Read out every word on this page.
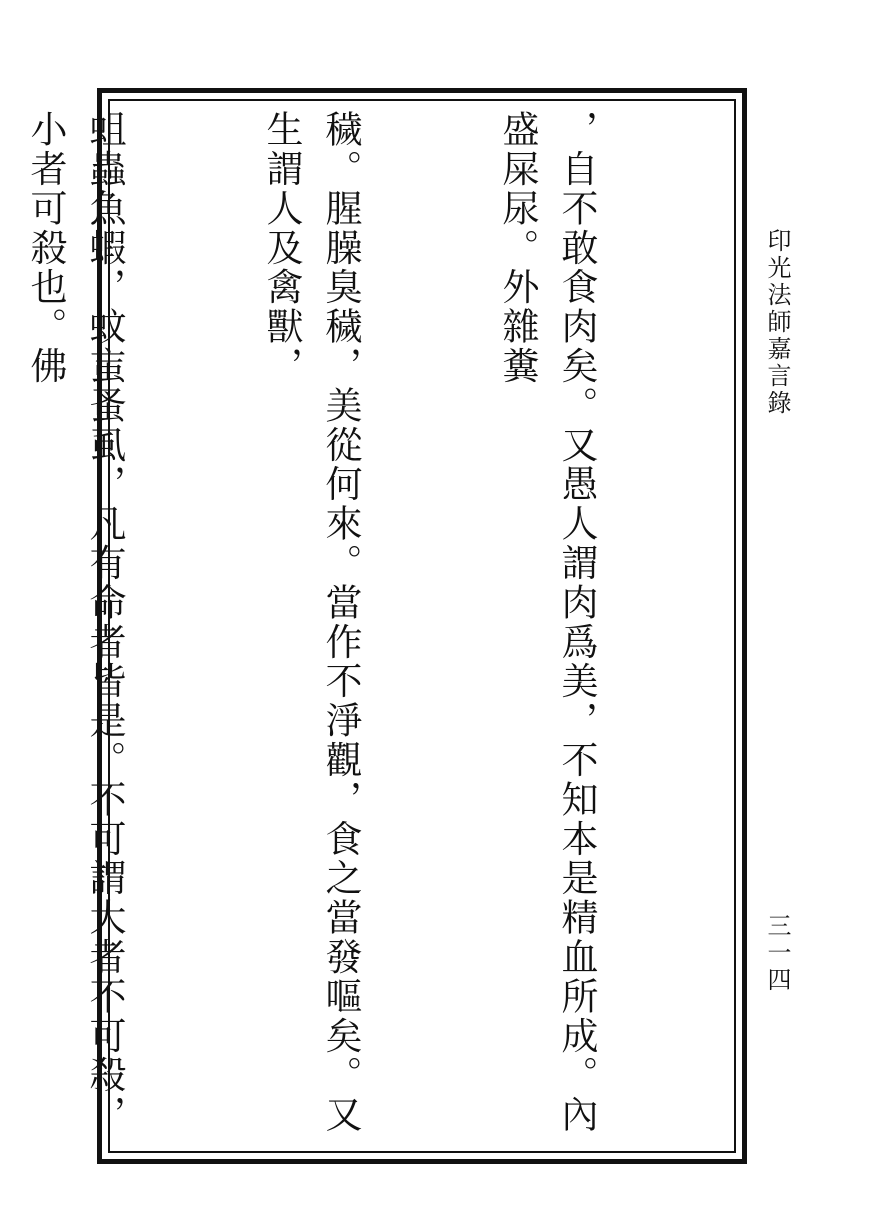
，自不敢食肉矣。又愚人謂肉爲美，不知本是精血所成。內盛屎尿。外雜糞

穢。腥臊臭穢，美從何來。當作不淨觀，食之當發嘔矣。又生謂人及禽獸，

蛆蟲魚蝦，蚊䖟蚤虱，凡有命者皆是。不可謂大者不可殺，小者可殺也。佛

	印光法師嘉言錄
三一四
